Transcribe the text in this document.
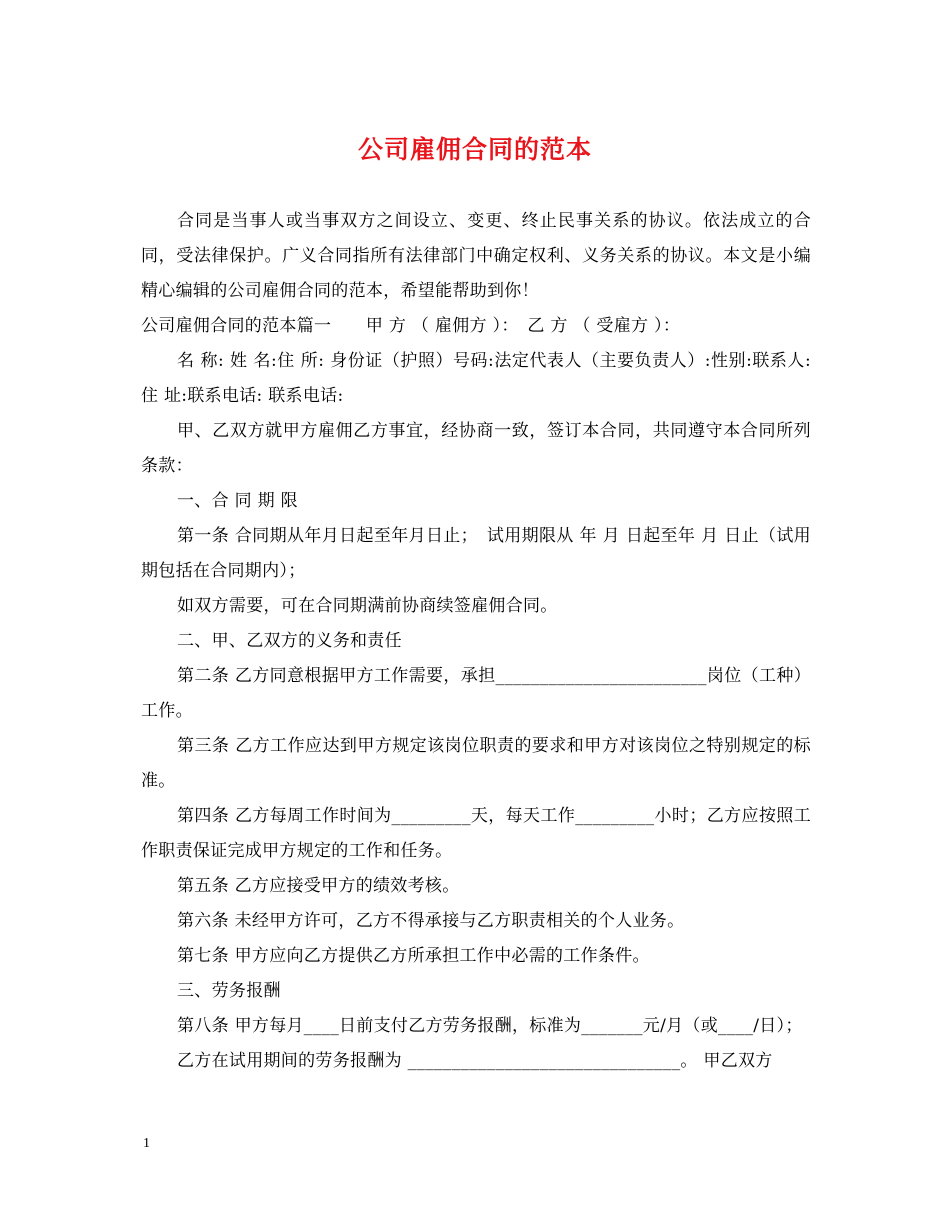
公司雇佣合同的范本

合同是当事人或当事双方之间设立、变更、终止民事关系的协议。依法成立的合同，受法律保护。广义合同指所有法律部门中确定权利、义务关系的协议。本文是小编精心编辑的公司雇佣合同的范本，希望能帮助到你！

公司雇佣合同的范本篇一　　甲 方 （ 雇佣方 ）：　乙 方 （ 受雇方 ）：

名 称: 姓 名:住 所: 身份证（护照）号码:法定代表人（主要负责人）:性别:联系人: 住 址:联系电话: 联系电话:

甲、乙双方就甲方雇佣乙方事宜，经协商一致，签订本合同，共同遵守本合同所列条款：

一、合 同 期 限

第一条 合同期从年月日起至年月日止；　试用期限从 年 月 日起至年 月 日止（试用期包括在合同期内）；

如双方需要，可在合同期满前协商续签雇佣合同。

二、甲、乙双方的义务和责任

第二条 乙方同意根据甲方工作需要，承担________________________岗位（工种）工作。

第三条 乙方工作应达到甲方规定该岗位职责的要求和甲方对该岗位之特别规定的标准。

第四条 乙方每周工作时间为_________天，每天工作_________小时；乙方应按照工作职责保证完成甲方规定的工作和任务。

第五条 乙方应接受甲方的绩效考核。

第六条 未经甲方许可，乙方不得承接与乙方职责相关的个人业务。

第七条 甲方应向乙方提供乙方所承担工作中必需的工作条件。

三、劳务报酬

第八条 甲方每月____日前支付乙方劳务报酬，标准为_______元/月（或____/日）；

乙方在试用期间的劳务报酬为 _______________________________。 甲乙双方

1
